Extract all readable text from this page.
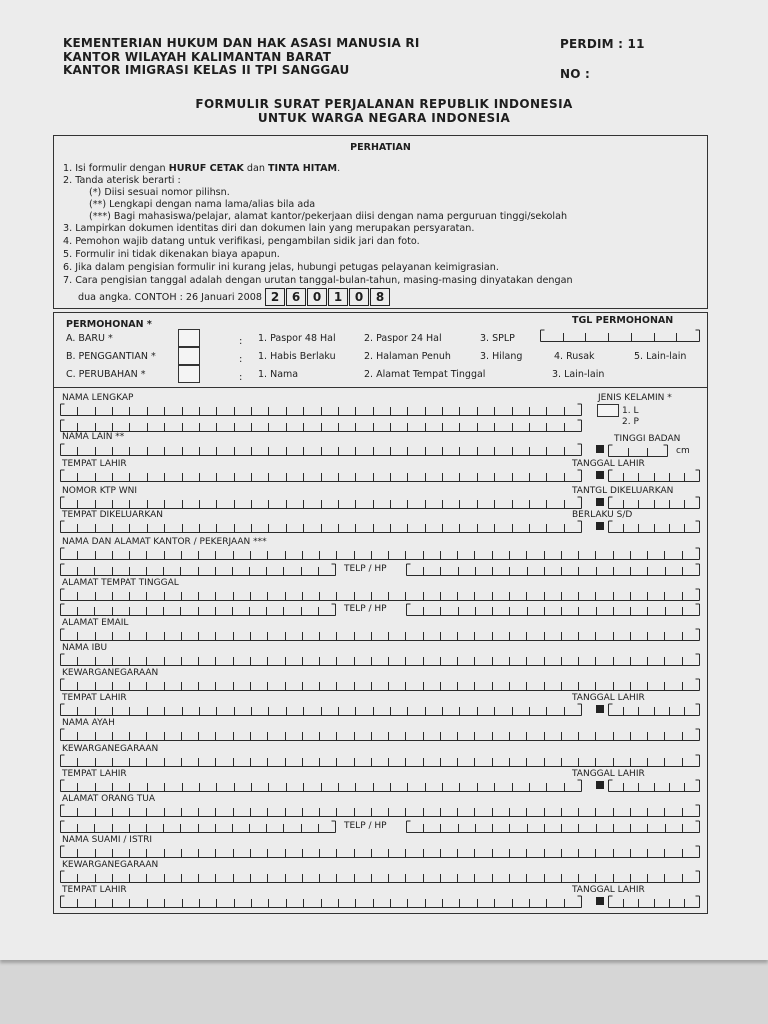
KEMENTERIAN HUKUM DAN HAK ASASI MANUSIA RI
KANTOR WILAYAH KALIMANTAN BARAT
KANTOR IMIGRASI KELAS II TPI SANGGAU
PERDIM : 11
NO :
FORMULIR SURAT PERJALANAN REPUBLIK INDONESIA
UNTUK WARGA NEGARA INDONESIA
PERHATIAN
1. Isi formulir dengan HURUF CETAK dan TINTA HITAM.
2. Tanda aterisk berarti :
(*) Diisi sesuai nomor pilihsn.
(**) Lengkapi dengan nama lama/alias bila ada
(***) Bagi mahasiswa/pelajar, alamat kantor/pekerjaan diisi dengan nama perguruan tinggi/sekolah
3. Lampirkan dokumen identitas diri dan dokumen lain yang merupakan persyaratan.
4. Pemohon wajib datang untuk verifikasi, pengambilan sidik jari dan foto.
5. Formulir ini tidak dikenakan biaya apapun.
6. Jika dalam pengisian formulir ini kurang jelas, hubungi petugas pelayanan keimigrasian.
7. Cara pengisian tanggal adalah dengan urutan tanggal-bulan-tahun, masing-masing dinyatakan dengan
dua angka. CONTOH : 26 Januari 2008 2 6 0 1 0 8
PERMOHONAN *	TGL PERMOHONAN
A. BARU *	: 1. Paspor 48 Hal	2. Paspor 24 Hal	3. SPLP
B. PENGGANTIAN *	: 1. Habis Berlaku	2. Halaman Penuh	3. Hilang	4. Rusak	5. Lain-lain
C. PERUBAHAN *	: 1. Nama	2. Alamat Tempat Tinggal	3. Lain-lain
NAMA LENGKAP	JENIS KELAMIN *
1. L
2. P
NAMA LAIN **	TINGGI BADAN
cm
TEMPAT LAHIR	TANGGAL LAHIR
NOMOR KTP WNI	TANTGL DIKELUARKAN
TEMPAT DIKELUARKAN	BERLAKU S/D
NAMA DAN ALAMAT KANTOR / PEKERJAAN ***
TELP / HP
ALAMAT TEMPAT TINGGAL
TELP / HP
ALAMAT EMAIL
NAMA IBU
KEWARGANEGARAAN
TEMPAT LAHIR	TANGGAL LAHIR
NAMA AYAH
KEWARGANEGARAAN
TEMPAT LAHIR	TANGGAL LAHIR
ALAMAT ORANG TUA
TELP / HP
NAMA SUAMI / ISTRI
KEWARGANEGARAAN
TEMPAT LAHIR	TANGGAL LAHIR
